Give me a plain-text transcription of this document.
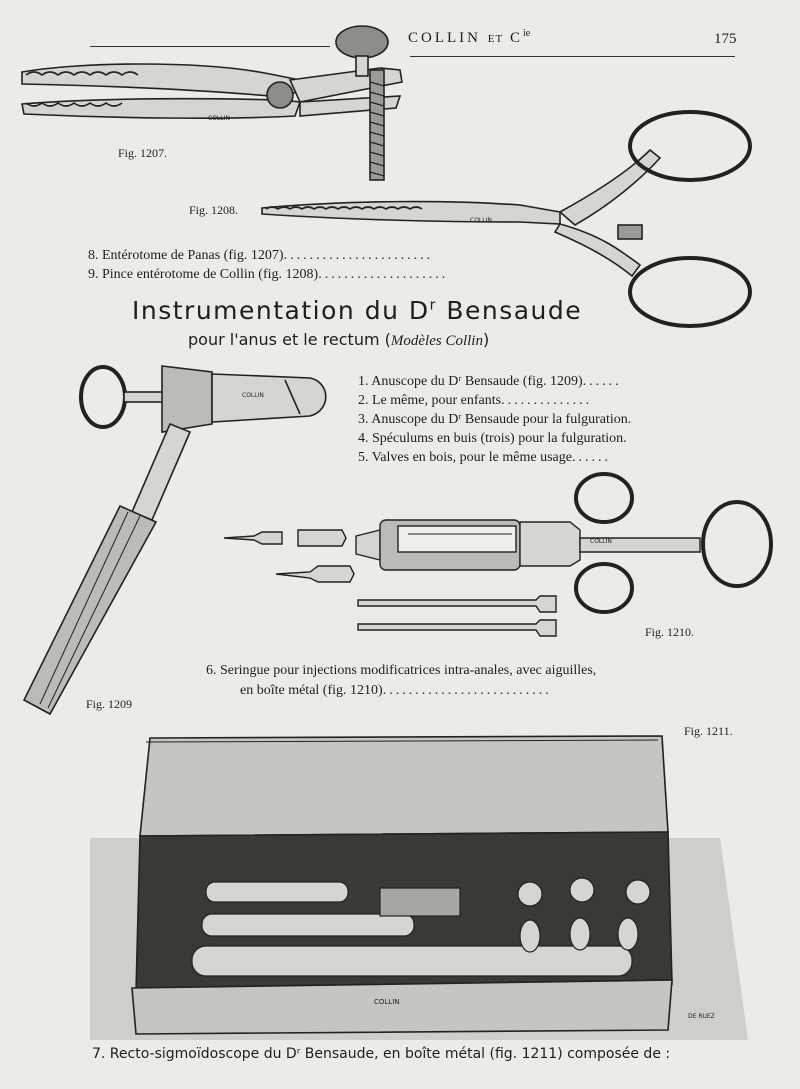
COLLIN ET $C^{ie}$	175
COLLIN
COLLIN
COLLIN
COLLIN
COLLIN
DE RUEZ
Fig. 1207.
Fig. 1208.
Fig. 1209
Fig. 1210.
Fig. 1211.
8. Entérotome de Panas (fig. 1207).......................
9. Pince entérotome de Collin (fig. 1208)....................
Instrumentation du $D^r$ Bensaude
pour l'anus et le rectum (Modèles Collin)
1. Anuscope du Dʳ Bensaude (fig. 1209)......
2. Le même, pour enfants..............
3. Anuscope du Dʳ Bensaude pour la fulguration.
4. Spéculums en buis (trois) pour la fulguration.
5. Valves en bois, pour le même usage......
6. Seringue pour injections modificatrices intra-anales, avec aiguilles,
en boîte métal (fig. 1210)..........................
7. Recto-sigmoïdoscope du Dʳ Bensaude, en boîte métal (fig. 1211) composée de :
